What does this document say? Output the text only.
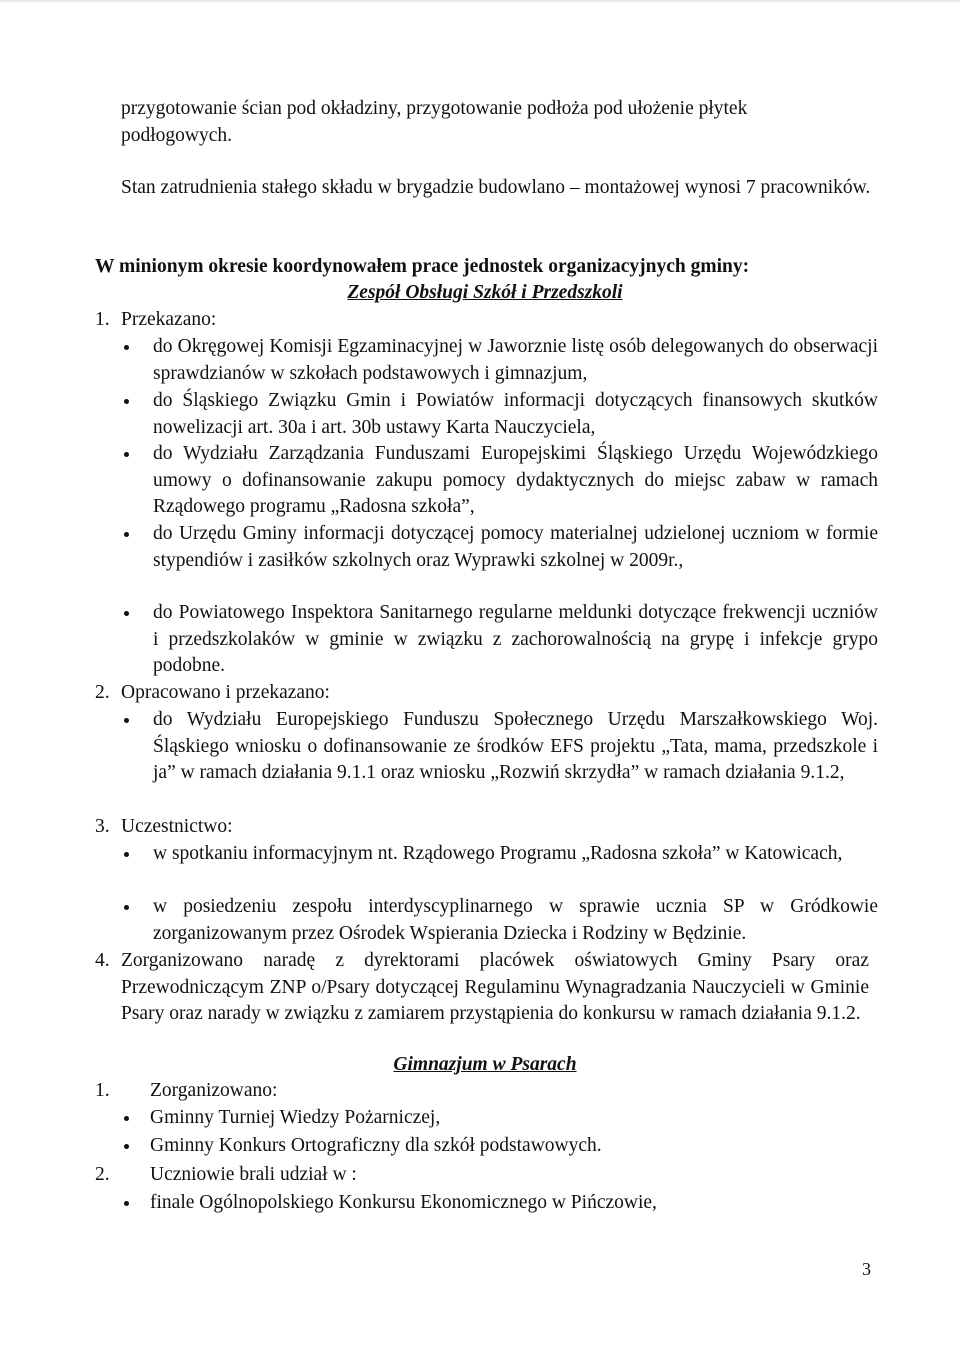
przygotowanie ścian pod okładziny, przygotowanie podłoża pod ułożenie płytek
podłogowych.
Stan zatrudnienia stałego składu w brygadzie budowlano – montażowej wynosi 7 pracowników.
W minionym okresie koordynowałem prace jednostek organizacyjnych gminy:
Zespół Obsługi Szkół i Przedszkoli
1. Przekazano:
do Okręgowej Komisji Egzaminacyjnej w Jaworznie listę osób delegowanych do obserwacji sprawdzianów w szkołach podstawowych i gimnazjum,
do Śląskiego Związku Gmin i Powiatów informacji dotyczących finansowych skutków nowelizacji art. 30a i art. 30b ustawy Karta Nauczyciela,
do Wydziału Zarządzania Funduszami Europejskimi Śląskiego Urzędu Wojewódzkiego umowy o dofinansowanie zakupu pomocy dydaktycznych do miejsc zabaw w ramach Rządowego programu „Radosna szkoła”,
do Urzędu Gminy informacji dotyczącej pomocy materialnej udzielonej uczniom w formie stypendiów i zasiłków szkolnych oraz Wyprawki szkolnej w 2009r.,
do Powiatowego Inspektora Sanitarnego regularne meldunki dotyczące frekwencji uczniów i przedszkolaków w gminie w związku z zachorowalnością na grypę i infekcje grypo podobne.
2. Opracowano i przekazano:
do Wydziału Europejskiego Funduszu Społecznego Urzędu Marszałkowskiego Woj. Śląskiego wniosku o dofinansowanie ze środków EFS projektu „Tata, mama, przedszkole i ja” w ramach działania 9.1.1 oraz wniosku „Rozwiń skrzydła” w ramach działania 9.1.2,
3. Uczestnictwo:
w spotkaniu informacyjnym nt. Rządowego Programu „Radosna szkoła” w Katowicach,
w posiedzeniu zespołu interdyscyplinarnego w sprawie ucznia SP w Gródkowie zorganizowanym przez Ośrodek Wspierania Dziecka i Rodziny w Będzinie.
4. Zorganizowano naradę z dyrektorami placówek oświatowych Gminy Psary oraz Przewodniczącym ZNP o/Psary dotyczącej Regulaminu Wynagradzania Nauczycieli w Gminie Psary oraz narady w związku z zamiarem przystąpienia do konkursu w ramach działania 9.1.2.
Gimnazjum w Psarach
1. Zorganizowano:
Gminny Turniej Wiedzy Pożarniczej,
Gminny Konkurs Ortograficzny dla szkół podstawowych.
2. Uczniowie brali udział w :
finale Ogólnopolskiego Konkursu Ekonomicznego w Pińczowie,
3
